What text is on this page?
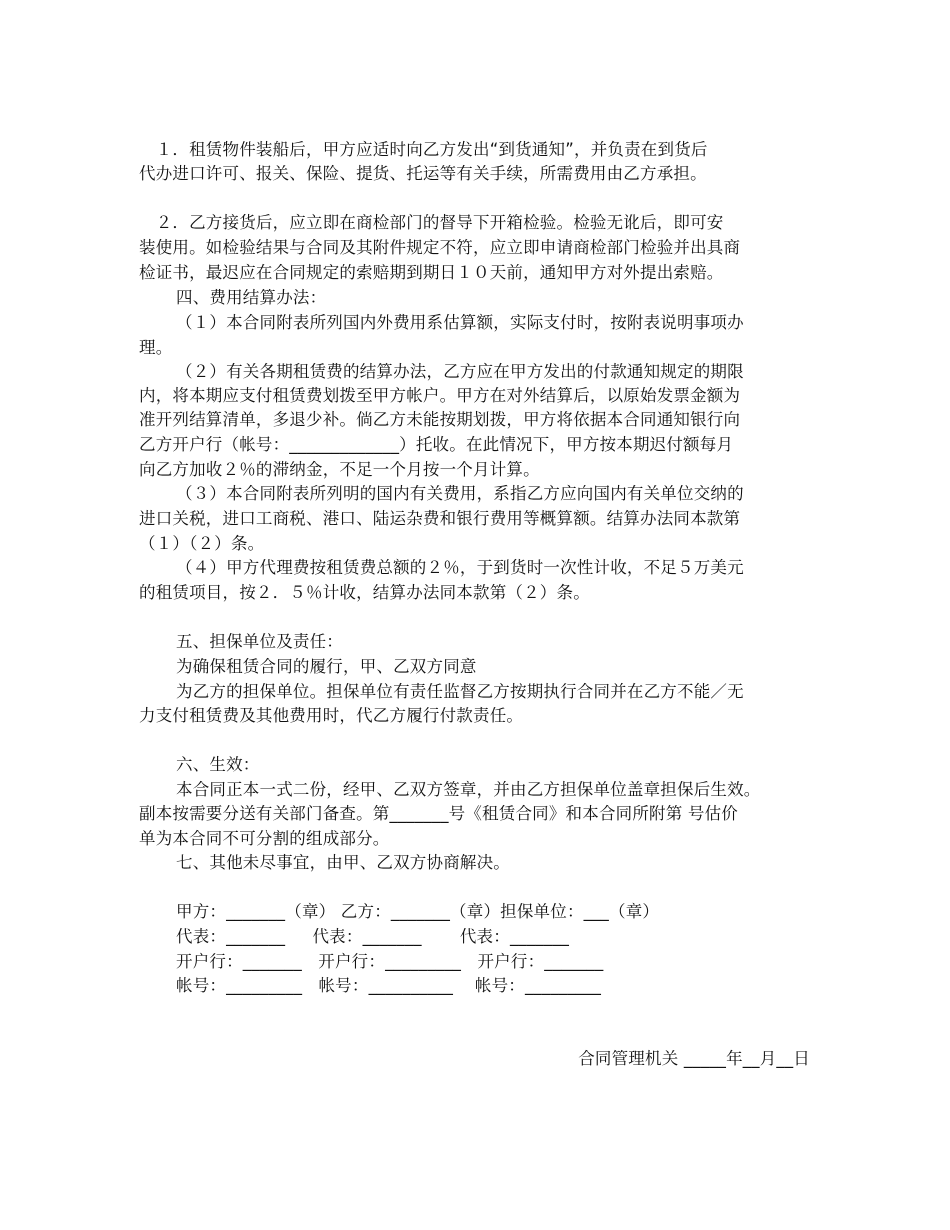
　１．租赁物件装船后，甲方应适时向乙方发出“到货通知”，并负责在到货后
代办进口许可、报关、保险、提货、托运等有关手续，所需费用由乙方承担。
　２．乙方接货后，应立即在商检部门的督导下开箱检验。检验无讹后，即可安
装使用。如检验结果与合同及其附件规定不符，应立即申请商检部门检验并出具商
检证书，最迟应在合同规定的索赔期到期日１０天前，通知甲方对外提出索赔。
四、费用结算办法：
（１）本合同附表所列国内外费用系估算额，实际支付时，按附表说明事项办
理。
（２）有关各期租赁费的结算办法，乙方应在甲方发出的付款通知规定的期限
内，将本期应支付租赁费划拨至甲方帐户。甲方在对外结算后，以原始发票金额为
准开列结算清单，多退少补。倘乙方未能按期划拨，甲方将依据本合同通知银行向
乙方开户行（帐号：_____________）托收。在此情况下，甲方按本期迟付额每月
向乙方加收２％的滞纳金，不足一个月按一个月计算。
（３）本合同附表所列明的国内有关费用，系指乙方应向国内有关单位交纳的
进口关税，进口工商税、港口、陆运杂费和银行费用等概算额。结算办法同本款第
（１）（２）条。
（４）甲方代理费按租赁费总额的２％，于到货时一次性计收，不足５万美元
的租赁项目，按２．５％计收，结算办法同本款第（２）条。
五、担保单位及责任：
为确保租赁合同的履行，甲、乙双方同意
为乙方的担保单位。担保单位有责任监督乙方按期执行合同并在乙方不能／无
力支付租赁费及其他费用时，代乙方履行付款责任。
六、生效：
本合同正本一式二份，经甲、乙双方签章，并由乙方担保单位盖章担保后生效。
副本按需要分送有关部门备查。第_______号《租赁合同》和本合同所附第 号估价
单为本合同不可分割的组成部分。
七、其他未尽事宜，由甲、乙双方协商解决。
甲方：_______（章） 乙方：_______（章）担保单位：___（章）
代表：_______     代表：_______       代表：_______
开户行：_______   开户行：_________   开户行：_______
帐号：_________   帐号：__________    帐号：_________
合同管理机关 _____年__月__日
